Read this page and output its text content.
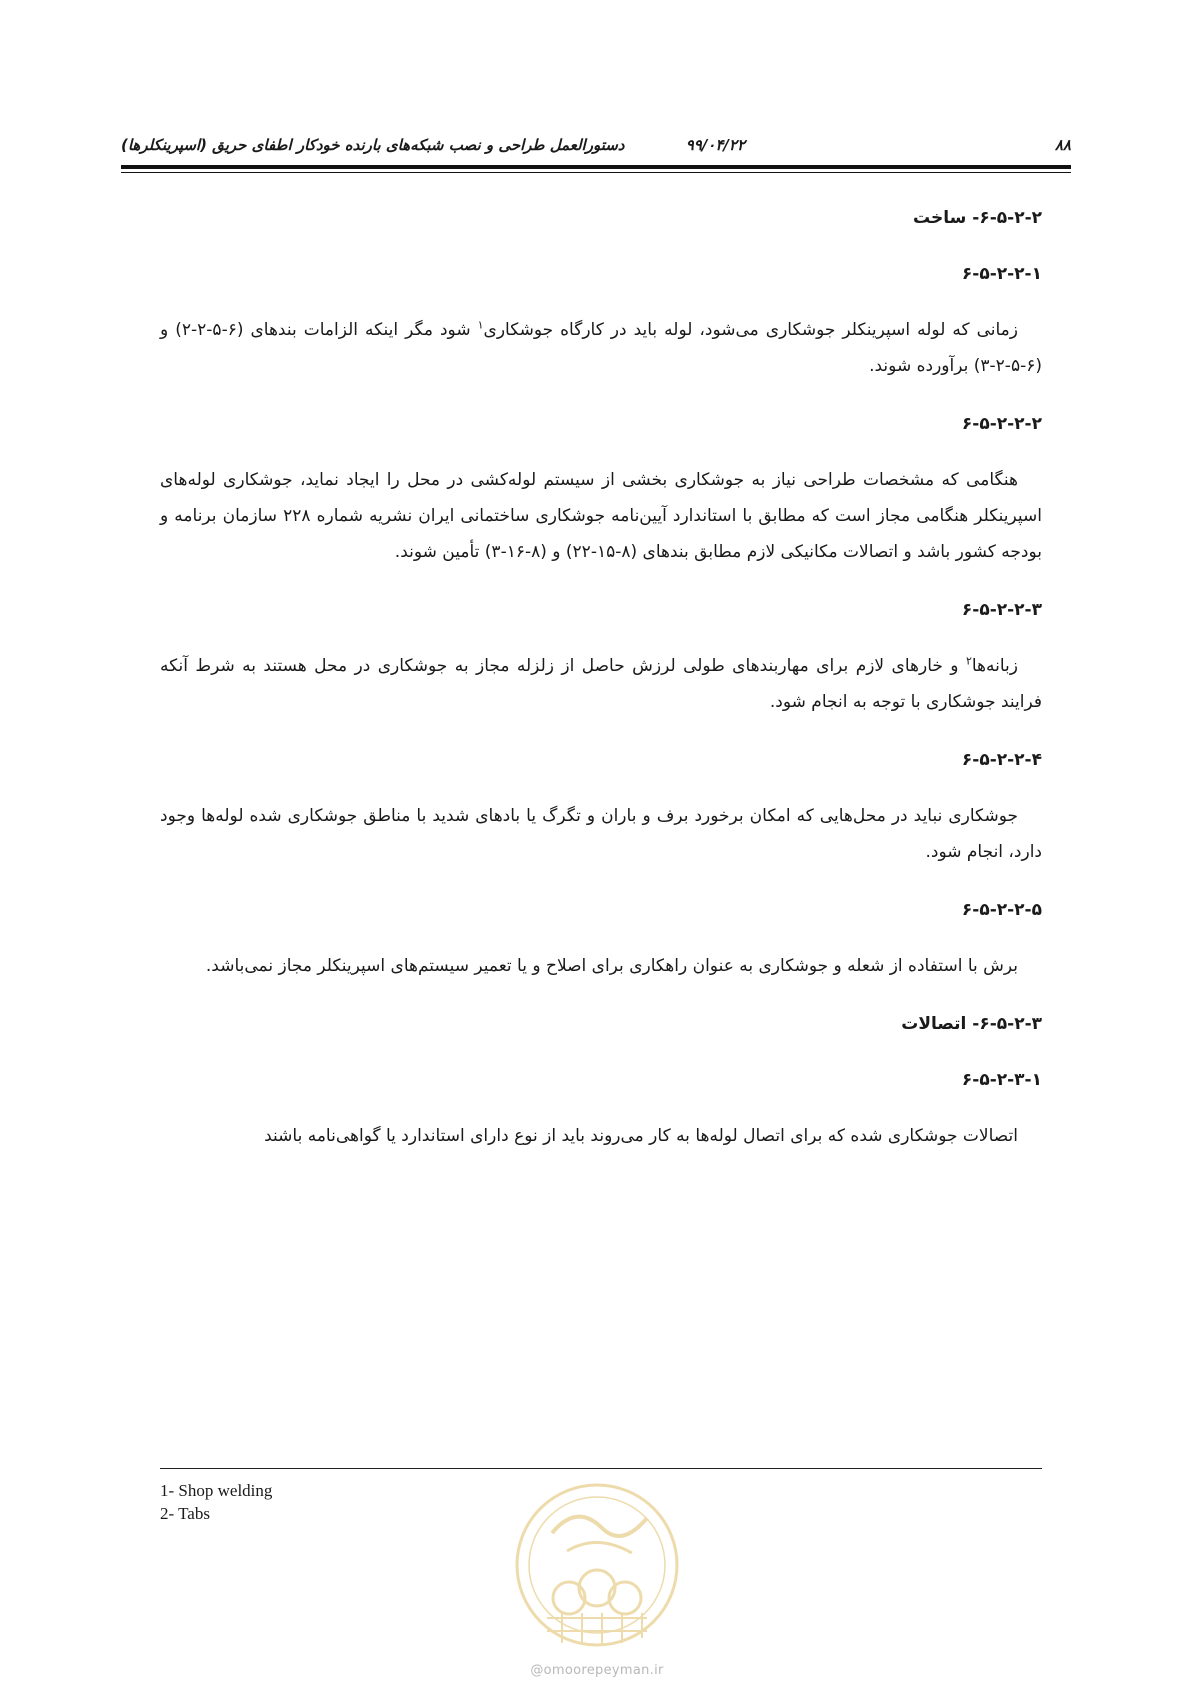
۸۸
۹۹/۰۴/۲۲
دستورالعمل طراحی و نصب شبکه‌های بارنده خودکار اطفای حریق (اسپرینکلرها)
۶-۵-۲-۲- ساخت
۶-۵-۲-۲-۱

زمانی که لوله اسپرینکلر جوشکاری می‌شود، لوله باید در کارگاه جوشکاری$^۱$ شود مگر اینکه الزامات بندهای (۶-۵-۲-۲) و (۶-۵-۲-۳) برآورده شوند.

۶-۵-۲-۲-۲

هنگامی که مشخصات طراحی نیاز به جوشکاری بخشی از سیستم لوله‌کشی در محل را ایجاد نماید، جوشکاری لوله‌های اسپرینکلر هنگامی مجاز است که مطابق با استاندارد آیین‌نامه جوشکاری ساختمانی ایران نشریه شماره ۲۲۸ سازمان برنامه و بودجه کشور باشد و اتصالات مکانیکی لازم مطابق بندهای (۸-۱۵-۲۲) و (۸-۱۶-۳) تأمین شوند.

۶-۵-۲-۲-۳

زبانه‌ها$^۲$ و خارهای لازم برای مهاربندهای طولی لرزش حاصل از زلزله مجاز به جوشکاری در محل هستند به شرط آنکه فرایند جوشکاری با توجه به انجام شود.

۶-۵-۲-۲-۴

جوشکاری نباید در محل‌هایی که امکان برخورد برف و باران و تگرگ یا بادهای شدید با مناطق جوشکاری شده لوله‌ها وجود دارد، انجام شود.

۶-۵-۲-۲-۵

برش با استفاده از شعله و جوشکاری به عنوان راهکاری برای اصلاح و یا تعمیر سیستم‌های اسپرینکلر مجاز نمی‌باشد.

۶-۵-۲-۳- اتصالات
۶-۵-۲-۳-۱

اتصالات جوشکاری شده که برای اتصال لوله‌ها به کار می‌روند باید از نوع دارای استاندارد یا گواهی‌نامه باشند

1- Shop welding
2- Tabs
@omoorepeyman.ir
